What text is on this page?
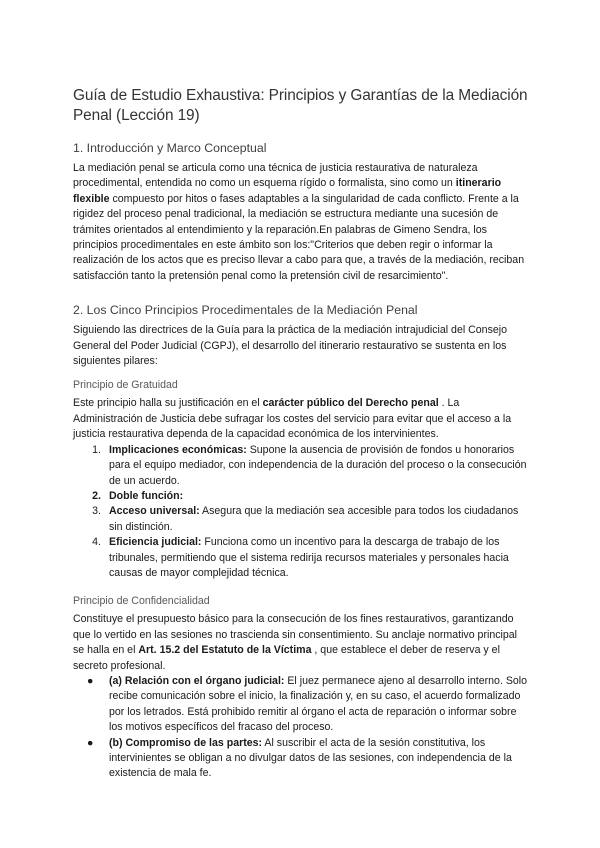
Guía de Estudio Exhaustiva: Principios y Garantías de la Mediación Penal (Lección 19)
1. Introducción y Marco Conceptual

La mediación penal se articula como una técnica de justicia restaurativa de naturaleza procedimental, entendida no como un esquema rígido o formalista, sino como un itinerario flexible compuesto por hitos o fases adaptables a la singularidad de cada conflicto. Frente a la rigidez del proceso penal tradicional, la mediación se estructura mediante una sucesión de trámites orientados al entendimiento y la reparación.En palabras de Gimeno Sendra, los principios procedimentales en este ámbito son los:"Criterios que deben regir o informar la realización de los actos que es preciso llevar a cabo para que, a través de la mediación, reciban satisfacción tanto la pretensión penal como la pretensión civil de resarcimiento".

2. Los Cinco Principios Procedimentales de la Mediación Penal

Siguiendo las directrices de la Guía para la práctica de la mediación intrajudicial del Consejo General del Poder Judicial (CGPJ), el desarrollo del itinerario restaurativo se sustenta en los siguientes pilares:

Principio de Gratuidad

Este principio halla su justificación en el carácter público del Derecho penal . La Administración de Justicia debe sufragar los costes del servicio para evitar que el acceso a la justicia restaurativa dependa de la capacidad económica de los intervinientes.

1. Implicaciones económicas: Supone la ausencia de provisión de fondos u honorarios para el equipo mediador, con independencia de la duración del proceso o la consecución de un acuerdo.
2. Doble función:
3. Acceso universal: Asegura que la mediación sea accesible para todos los ciudadanos sin distinción.
4. Eficiencia judicial: Funciona como un incentivo para la descarga de trabajo de los tribunales, permitiendo que el sistema redirija recursos materiales y personales hacia causas de mayor complejidad técnica.
Principio de Confidencialidad

Constituye el presupuesto básico para la consecución de los fines restaurativos, garantizando que lo vertido en las sesiones no trascienda sin consentimiento. Su anclaje normativo principal se halla en el Art. 15.2 del Estatuto de la Víctima , que establece el deber de reserva y el secreto profesional.

●	(a) Relación con el órgano judicial: El juez permanece ajeno al desarrollo interno. Solo recibe comunicación sobre el inicio, la finalización y, en su caso, el acuerdo formalizado por los letrados. Está prohibido remitir al órgano el acta de reparación o informar sobre los motivos específicos del fracaso del proceso.
●	(b) Compromiso de las partes: Al suscribir el acta de la sesión constitutiva, los intervinientes se obligan a no divulgar datos de las sesiones, con independencia de la existencia de mala fe.
